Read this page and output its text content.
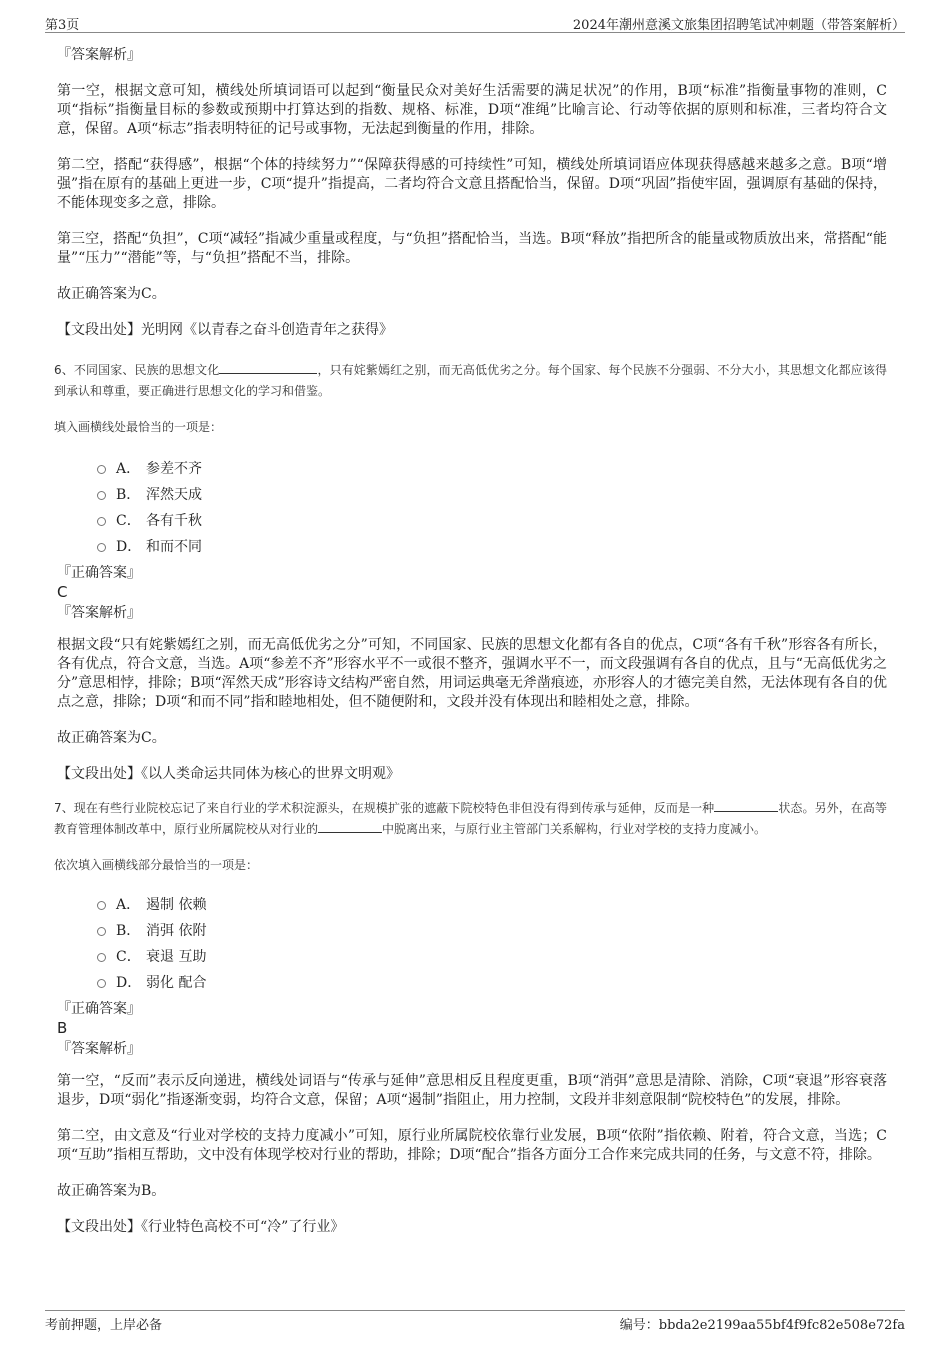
第3页	2024年潮州意溪文旅集团招聘笔试冲刺题（带答案解析）

『答案解析』

第一空，根据文意可知，横线处所填词语可以起到“衡量民众对美好生活需要的满足状况”的作用，B项“标准”指衡量事物的准则，C项“指标”指衡量目标的参数或预期中打算达到的指数、规格、标准，D项“准绳”比喻言论、行动等依据的原则和标准，三者均符合文意，保留。A项“标志”指表明特征的记号或事物，无法起到衡量的作用，排除。

第二空，搭配“获得感”，根据“个体的持续努力”“保障获得感的可持续性”可知，横线处所填词语应体现获得感越来越多之意。B项“增强”指在原有的基础上更进一步，C项“提升”指提高，二者均符合文意且搭配恰当，保留。D项“巩固”指使牢固，强调原有基础的保持，不能体现变多之意，排除。

第三空，搭配“负担”，C项“减轻”指减少重量或程度，与“负担”搭配恰当，当选。B项“释放”指把所含的能量或物质放出来，常搭配“能量”“压力”“潜能”等，与“负担”搭配不当，排除。

故正确答案为C。

【文段出处】光明网《以青春之奋斗创造青年之获得》

6、不同国家、民族的思想文化	，只有姹紫嫣红之别，而无高低优劣之分。每个国家、每个民族不分强弱、不分大小，其思想文化都应该得到承认和尊重，要正确进行思想文化的学习和借鉴。

填入画横线处最恰当的一项是：

A． 参差不齐
B． 浑然天成
C． 各有千秋
D． 和而不同

『正确答案』

C

『答案解析』

根据文段“只有姹紫嫣红之别，而无高低优劣之分”可知，不同国家、民族的思想文化都有各自的优点，C项“各有千秋”形容各有所长，各有优点，符合文意，当选。A项“参差不齐”形容水平不一或很不整齐，强调水平不一，而文段强调有各自的优点，且与“无高低优劣之分”意思相悖，排除；B项“浑然天成”形容诗文结构严密自然，用词运典毫无斧凿痕迹，亦形容人的才德完美自然，无法体现有各自的优点之意，排除；D项“和而不同”指和睦地相处，但不随便附和，文段并没有体现出和睦相处之意，排除。

故正确答案为C。

【文段出处】《以人类命运共同体为核心的世界文明观》

7、现在有些行业院校忘记了来自行业的学术积淀源头，在规模扩张的遮蔽下院校特色非但没有得到传承与延伸，反而是一种	状态。另外，在高等教育管理体制改革中，原行业所属院校从对行业的	中脱离出来，与原行业主管部门关系解构，行业对学校的支持力度减小。

依次填入画横线部分最恰当的一项是：

A． 遏制 依赖
B． 消弭 依附
C． 衰退 互助
D． 弱化 配合

『正确答案』

B

『答案解析』

第一空，“反而”表示反向递进，横线处词语与“传承与延伸”意思相反且程度更重，B项“消弭”意思是清除、消除，C项“衰退”形容衰落退步，D项“弱化”指逐渐变弱，均符合文意，保留；A项“遏制”指阻止，用力控制，文段并非刻意限制“院校特色”的发展，排除。

第二空，由文意及“行业对学校的支持力度减小”可知，原行业所属院校依靠行业发展，B项“依附”指依赖、附着，符合文意，当选；C项“互助”指相互帮助，文中没有体现学校对行业的帮助，排除；D项“配合”指各方面分工合作来完成共同的任务，与文意不符，排除。

故正确答案为B。

【文段出处】《行业特色高校不可“冷”了行业》

考前押题，上岸必备	编号：bbda2e2199aa55bf4f9fc82e508e72fa
